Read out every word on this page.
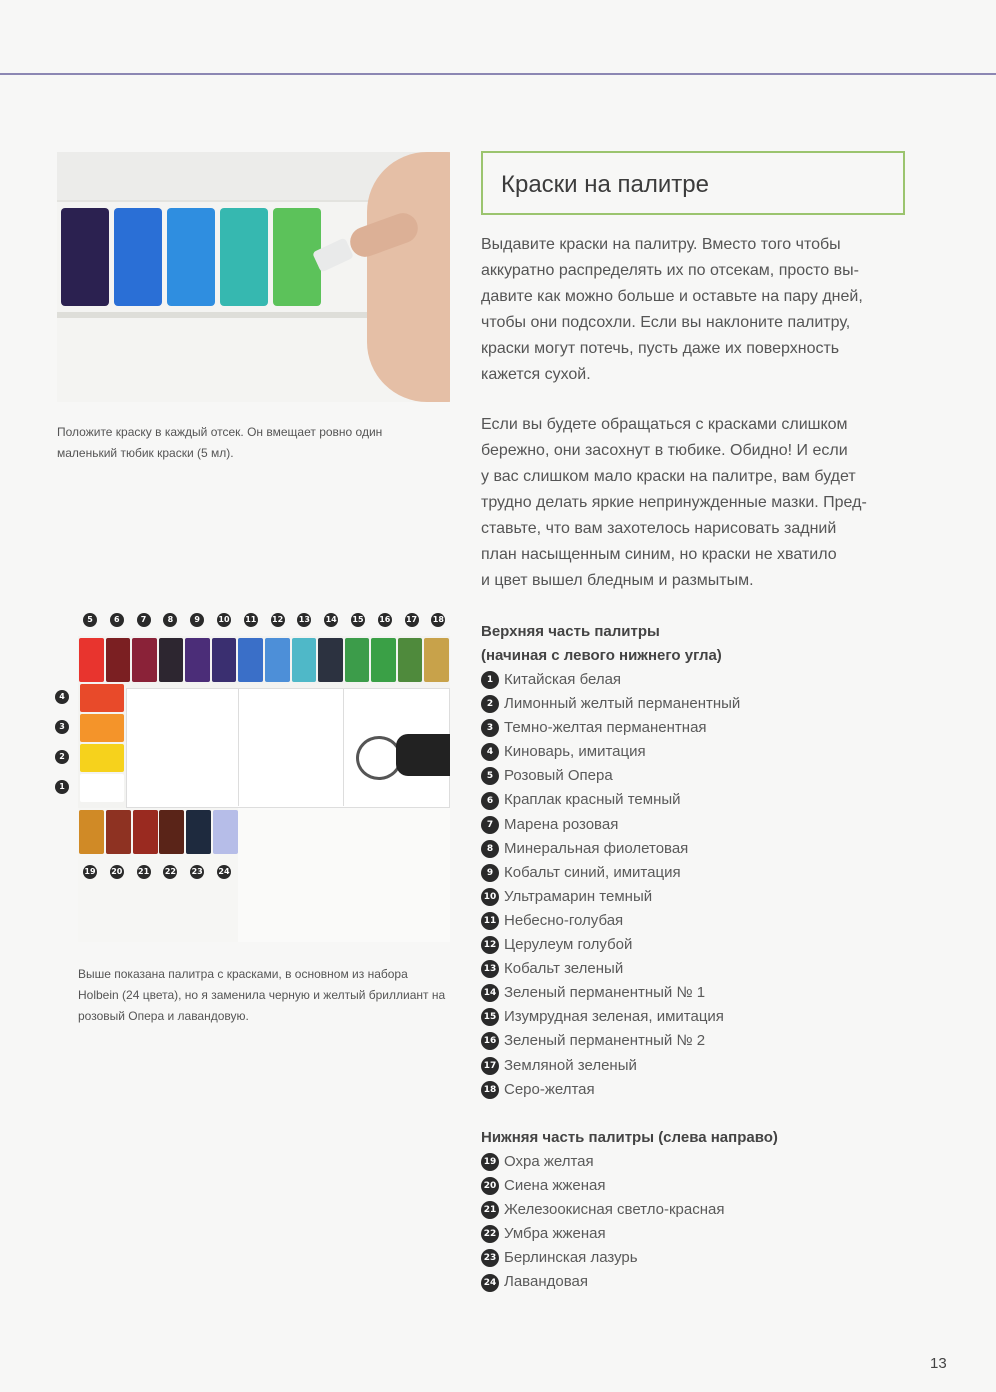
Положите краску в каждый отсек. Он вмещает ровно один маленький тюбик краски (5 мл).

5	6	7	8	9	10 11 12 13 14 15 16 17 18
4
3
2
1
19 20 21 22 23 24

Выше показана палитра с красками, в основном из набора Holbein (24 цвета), но я заменила черную и желтый бриллиант на розовый Опера и лавандовую.

Краски на палитре

Выдавите краски на палитру. Вместо того чтобы
аккуратно распределять их по отсекам, просто вы-
давите как можно больше и оставьте на пару дней,
чтобы они подсохли. Если вы наклоните палитру,
краски могут потечь, пусть даже их поверхность
кажется сухой.

Если вы будете обращаться с красками слишком
бережно, они засохнут в тюбике. Обидно! И если
у вас слишком мало краски на палитре, вам будет
трудно делать яркие непринужденные мазки. Пред-
ставьте, что вам захотелось нарисовать задний
план насыщенным синим, но краски не хватило
и цвет вышел бледным и размытым.

Верхняя часть палитры
(начиная с левого нижнего угла)
1 Китайская белая
2 Лимонный желтый перманентный
3 Темно-желтая перманентная
4 Киноварь, имитация
5 Розовый Опера
6 Краплак красный темный
7 Марена розовая
8 Минеральная фиолетовая
9 Кобальт синий, имитация
10 Ультрамарин темный
11 Небесно-голубая
12 Церулеум голубой
13 Кобальт зеленый
14 Зеленый перманентный № 1
15 Изумрудная зеленая, имитация
16 Зеленый перманентный № 2
17 Земляной зеленый
18 Серо-желтая
Нижняя часть палитры (слева направо)
19 Охра желтая
20 Сиена жженая
21 Железоокисная светло-красная
22 Умбра жженая
23 Берлинская лазурь
24 Лавандовая
13
